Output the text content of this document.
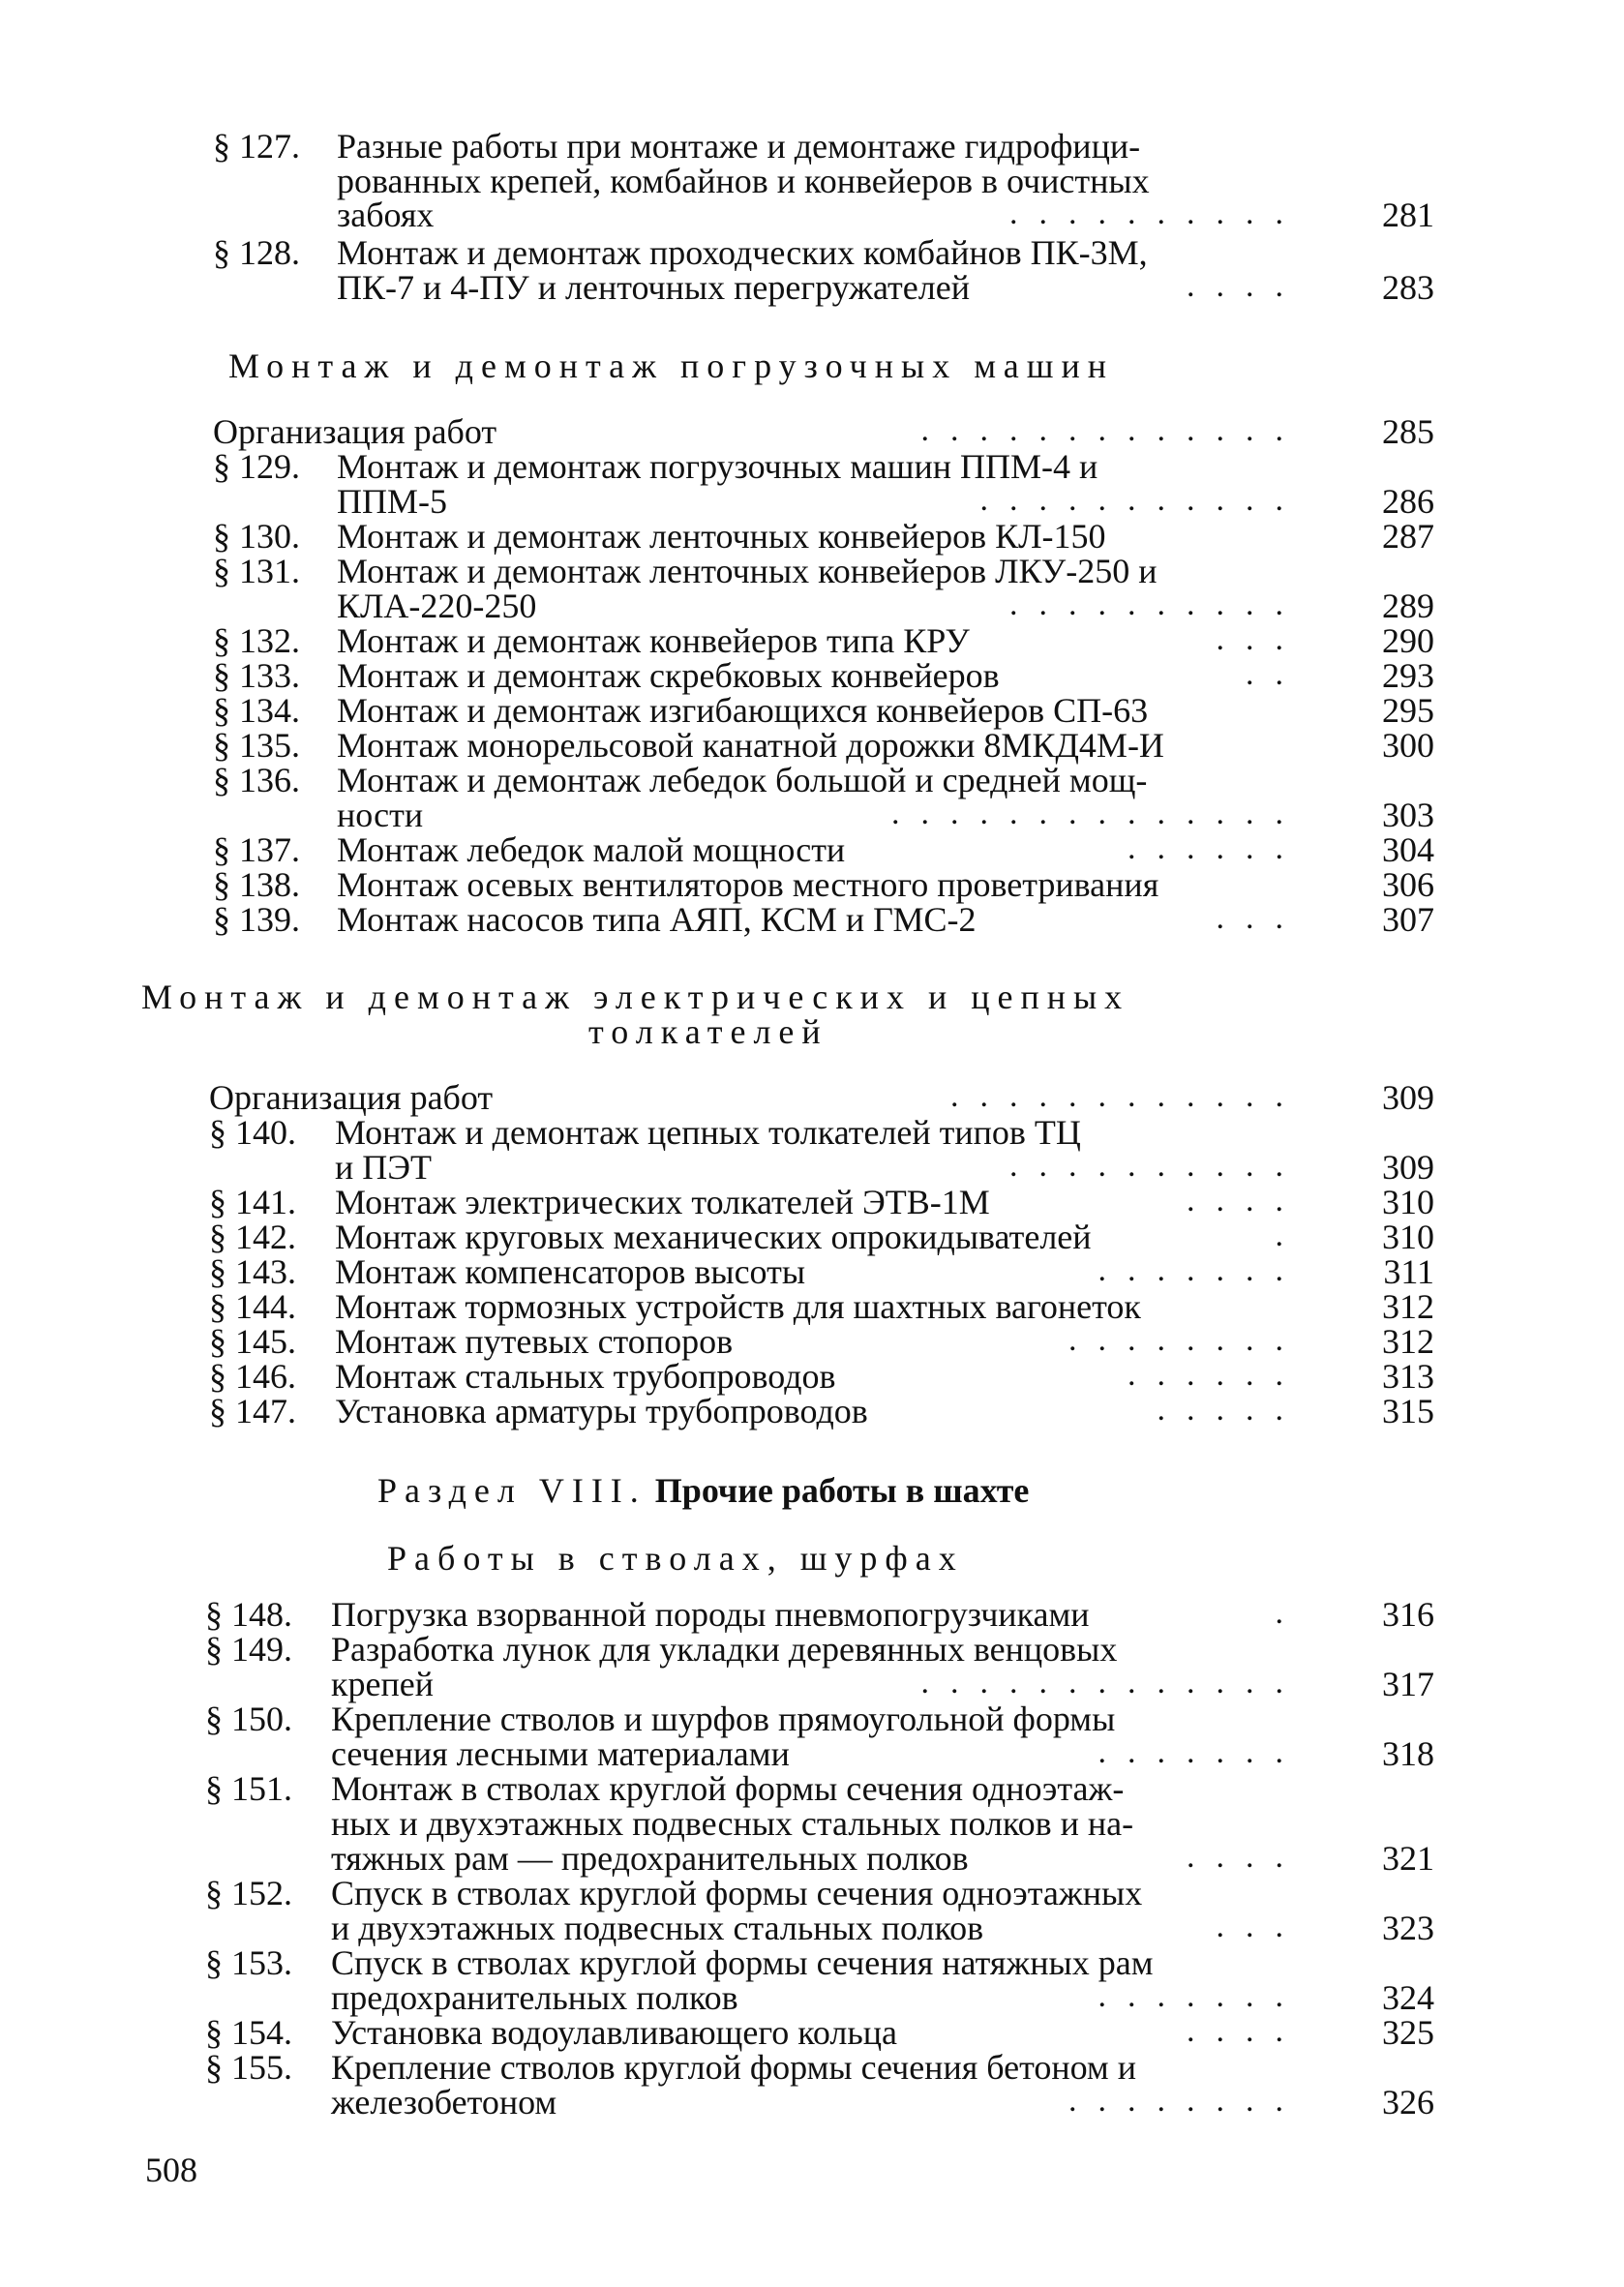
§ 127.	Разные работы при монтаже и демонтаже гидрофици-
рованных крепей, комбайнов и конвейеров в очистных
забоях	.......... 281
§ 128.	Монтаж и демонтаж проходческих комбайнов ПК-3М,
ПК-7 и 4-ПУ и ленточных перегружателей	.... 283
Монтаж и демонтаж погрузочных машин
Организация работ	............. 285
§ 129.	Монтаж и демонтаж погрузочных машин ППМ-4 и
ППМ-5	........... 286
§ 130.	Монтаж и демонтаж ленточных конвейеров КЛ-150	287
§ 131.	Монтаж и демонтаж ленточных конвейеров ЛКУ-250 и
КЛА-220-250	.......... 289
§ 132.	Монтаж и демонтаж конвейеров типа КРУ	... 290
§ 133.	Монтаж и демонтаж скребковых конвейеров	.. 293
§ 134.	Монтаж и демонтаж изгибающихся конвейеров СП-63	295
§ 135.	Монтаж монорельсовой канатной дорожки 8МКД4М-И	300
§ 136.	Монтаж и демонтаж лебедок большой и средней мощ-
ности	.............. 303
§ 137.	Монтаж лебедок малой мощности	...... 304
§ 138.	Монтаж осевых вентиляторов местного проветривания	306
§ 139.	Монтаж насосов типа АЯП, КСМ и ГМС-2	... 307
Монтаж и демонтаж электрических и цепных
толкателей
Организация работ	............ 309
§ 140.	Монтаж и демонтаж цепных толкателей типов ТЦ
и ПЭТ	.......... 309
§ 141.	Монтаж электрических толкателей ЭТВ-1М	.... 310
§ 142.	Монтаж круговых механических опрокидывателей	. 310
§ 143.	Монтаж компенсаторов высоты	....... 311
§ 144.	Монтаж тормозных устройств для шахтных вагонеток	312
§ 145.	Монтаж путевых стопоров	........ 312
§ 146.	Монтаж стальных трубопроводов	...... 313
§ 147.	Установка арматуры трубопроводов	..... 315
Раздел VIII. Прочие работы в шахте
Работы в стволах, шурфах
§ 148.	Погрузка взорванной породы пневмопогрузчиками	. 316
§ 149.	Разработка лунок для укладки деревянных венцовых
крепей	............. 317
§ 150.	Крепление стволов и шурфов прямоугольной формы
сечения лесными материалами	....... 318
§ 151.	Монтаж в стволах круглой формы сечения одноэтаж-
ных и двухэтажных подвесных стальных полков и на-
тяжных рам — предохранительных полков	.... 321
§ 152.	Спуск в стволах круглой формы сечения одноэтажных
и двухэтажных подвесных стальных полков	... 323
§ 153.	Спуск в стволах круглой формы сечения натяжных рам
предохранительных полков	....... 324
§ 154.	Установка водоулавливающего кольца	.... 325
§ 155.	Крепление стволов круглой формы сечения бетоном и
железобетоном	........ 326
508
